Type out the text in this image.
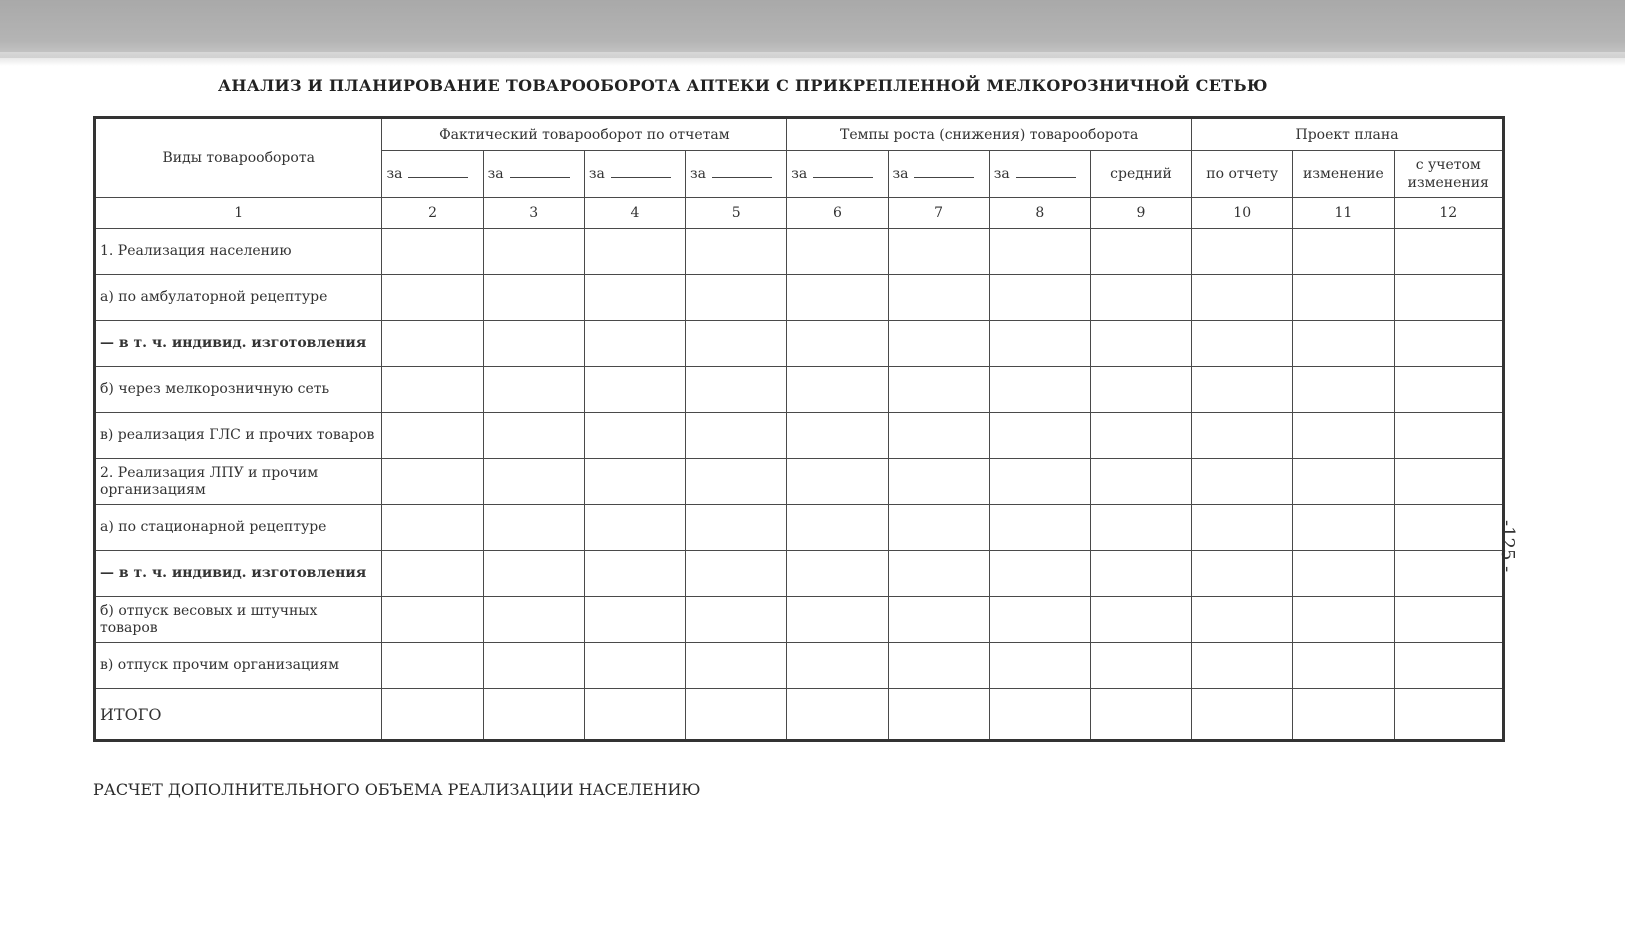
АНАЛИЗ И ПЛАНИРОВАНИЕ ТОВАРООБОРОТА АПТЕКИ С ПРИКРЕПЛЕННОЙ МЕЛКОРОЗНИЧНОЙ СЕТЬЮ
Виды товарооборота	Фактический товарооборот по отчетам				Темпы роста (снижения) товарооборота				Проект плана		
	за	за	за	за	за	за	за	средний	по отчету	изменение	с учетом изменения
1	2	3	4	5	6	7	8	9	10	11	12
1. Реализация населению											
а) по амбулаторной рецептуре											
— в т. ч. индивид. изготовления											
б) через мелкорозничную сеть											
в) реализация ГЛС и прочих товаров											
2. Реализация ЛПУ и прочим организациям											
а) по стационарной рецептуре											
— в т. ч. индивид. изготовления											
б) отпуск весовых и штучных товаров											
в) отпуск прочим организациям											
ИТОГО											
РАСЧЕТ ДОПОЛНИТЕЛЬНОГО ОБЪЕМА РЕАЛИЗАЦИИ НАСЕЛЕНИЮ
-125 -
